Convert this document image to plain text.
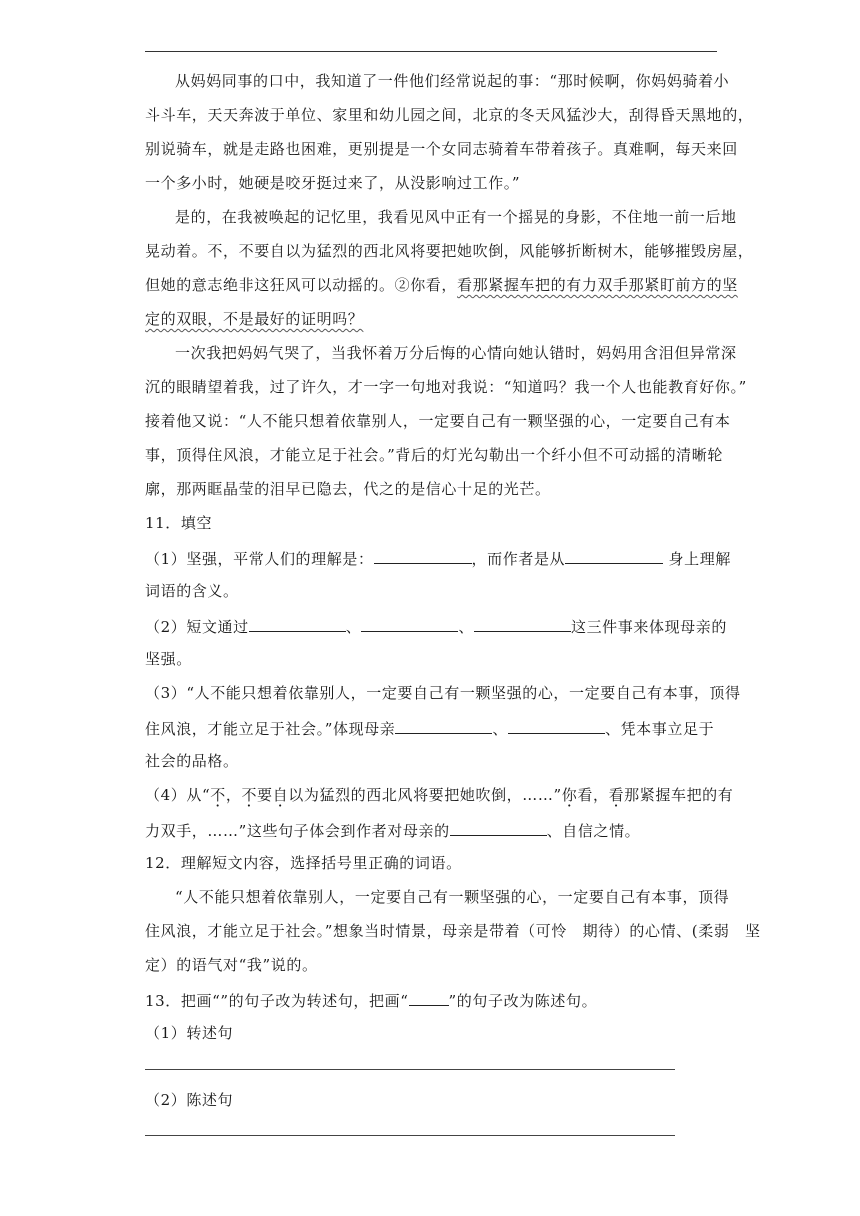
从妈妈同事的口中，我知道了一件他们经常说起的事：“那时候啊，你妈妈骑着小
斗斗车，天天奔波于单位、家里和幼儿园之间，北京的冬天风猛沙大，刮得昏天黑地的，
别说骑车，就是走路也困难，更别提是一个女同志骑着车带着孩子。真难啊，每天来回
一个多小时，她硬是咬牙挺过来了，从没影响过工作。”
是的，在我被唤起的记忆里，我看见风中正有一个摇晃的身影，不住地一前一后地
晃动着。不，不要自以为猛烈的西北风将要把她吹倒，风能够折断树木，能够摧毁房屋，
但她的意志绝非这狂风可以动摇的。②你看，看那紧握车把的有力双手那紧盯前方的坚
定的双眼，不是最好的证明吗？
一次我把妈妈气哭了，当我怀着万分后悔的心情向她认错时，妈妈用含泪但异常深
沉的眼睛望着我，过了许久，才一字一句地对我说：“知道吗？我一个人也能教育好你。”
接着他又说：“人不能只想着依靠别人，一定要自己有一颗坚强的心，一定要自己有本
事，顶得住风浪，才能立足于社会。”背后的灯光勾勒出一个纤小但不可动摇的清晰轮
廓，那两眶晶莹的泪早已隐去，代之的是信心十足的光芒。
11．填空
（1）坚强，平常人们的理解是：	，而作者是从	身上理解
词语的含义。
（2）短文通过	、	、	这三件事来体现母亲的
坚强。
（3）“人不能只想着依靠别人，一定要自己有一颗坚强的心，一定要自己有本事，顶得
住风浪，才能立足于社会。”体现母亲	、	、凭本事立足于
社会的品格。
（4）从“不，不要自以为猛烈的西北风将要把她吹倒，……”你看，看那紧握车把的有
力双手，……”这些句子体会到作者对母亲的	、自信之情。
12．理解短文内容，选择括号里正确的词语。
“人不能只想着依靠别人，一定要自己有一颗坚强的心，一定要自己有本事，顶得
住风浪，才能立足于社会。”想象当时情景，母亲是带着（可怜　期待）的心情、(柔弱　坚
定）的语气对“我”说的。
13．把画“”的句子改为转述句，把画“	”的句子改为陈述句。
（1）转述句
（2）陈述句
